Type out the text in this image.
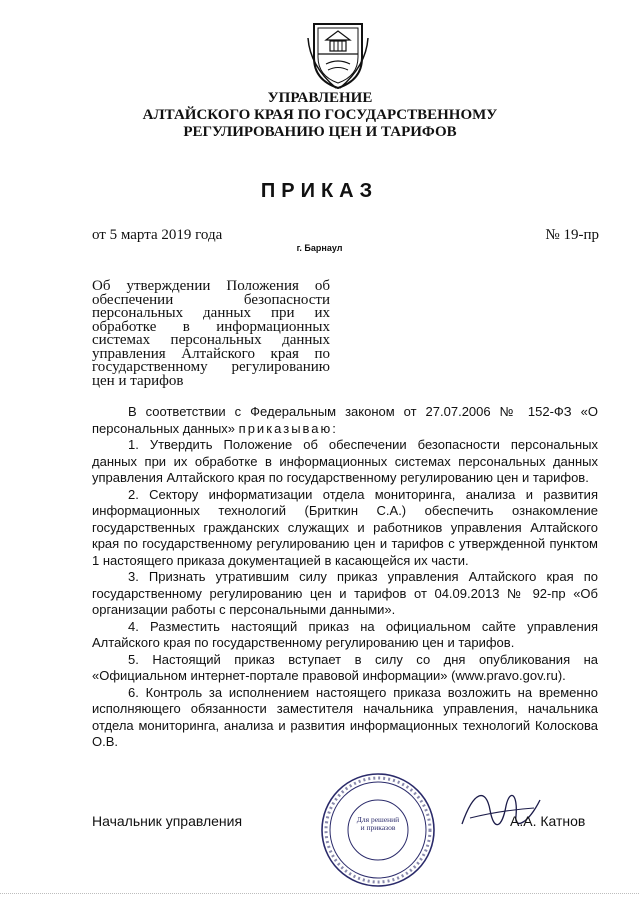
УПРАВЛЕНИЕ
АЛТАЙСКОГО КРАЯ ПО ГОСУДАРСТВЕННОМУ
РЕГУЛИРОВАНИЮ ЦЕН И ТАРИФОВ
ПРИКАЗ
от 5 марта 2019 года	№ 19-пр
г. Барнаул
Об утверждении Положения об обеспечении безопасности персональных данных при их обработке в информационных системах персональных данных управления Алтайского края по государственному регулированию цен и тарифов

В соответствии с Федеральным законом от 27.07.2006 № 152-ФЗ «О персональных данных» приказываю:

1. Утвердить Положение об обеспечении безопасности персональных данных при их обработке в информационных системах персональных данных управления Алтайского края по государственному регулированию цен и тарифов.

2. Сектору информатизации отдела мониторинга, анализа и развития информационных технологий (Бриткин С.А.) обеспечить ознакомление государственных гражданских служащих и работников управления Алтайского края по государственному регулированию цен и тарифов с утвержденной пунктом 1 настоящего приказа документацией в касающейся их части.

3. Признать утратившим силу приказ управления Алтайского края по государственному регулированию цен и тарифов от 04.09.2013 № 92-пр «Об организации работы с персональными данными».

4. Разместить настоящий приказ на официальном сайте управления Алтайского края по государственному регулированию цен и тарифов.

5. Настоящий приказ вступает в силу со дня опубликования на «Официальном интернет-портале правовой информации» (www.pravo.gov.ru).

6. Контроль за исполнением настоящего приказа возложить на временно исполняющего обязанности заместителя начальника управления, начальника отдела мониторинга, анализа и развития информационных технологий Колоскова О.В.

Для решений
и приказов
Начальник управления	А.А. Катнов
